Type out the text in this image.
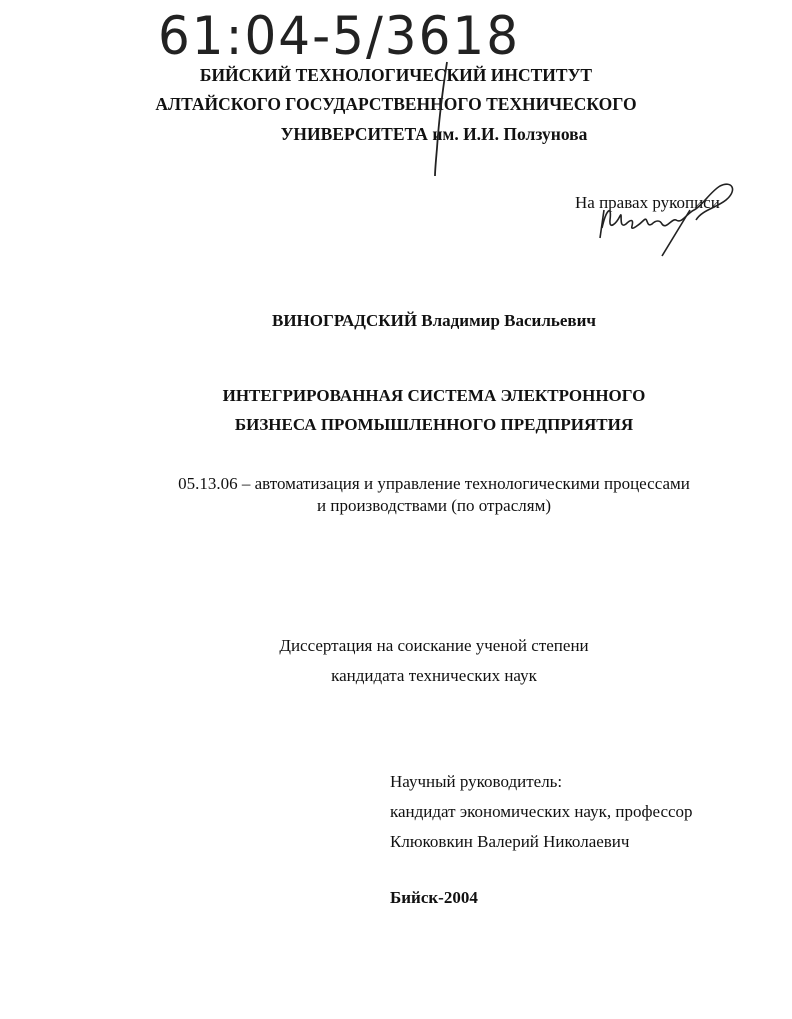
61:04-5/3618
БИЙСКИЙ ТЕХНОЛОГИЧЕСКИЙ ИНСТИТУТ
АЛТАЙСКОГО ГОСУДАРСТВЕННОГО ТЕХНИЧЕСКОГО
УНИВЕРСИТЕТА им. И.И. Ползунова
На правах рукописи
ВИНОГРАДСКИЙ Владимир Васильевич
ИНТЕГРИРОВАННАЯ СИСТЕМА ЭЛЕКТРОННОГО
БИЗНЕСА ПРОМЫШЛЕННОГО ПРЕДПРИЯТИЯ
05.13.06 – автоматизация и управление технологическими процессами
и производствами (по отраслям)
Диссертация на соискание ученой степени
кандидата технических наук
Научный руководитель:
кандидат экономических наук, профессор
Клюковкин Валерий Николаевич
Бийск-2004
